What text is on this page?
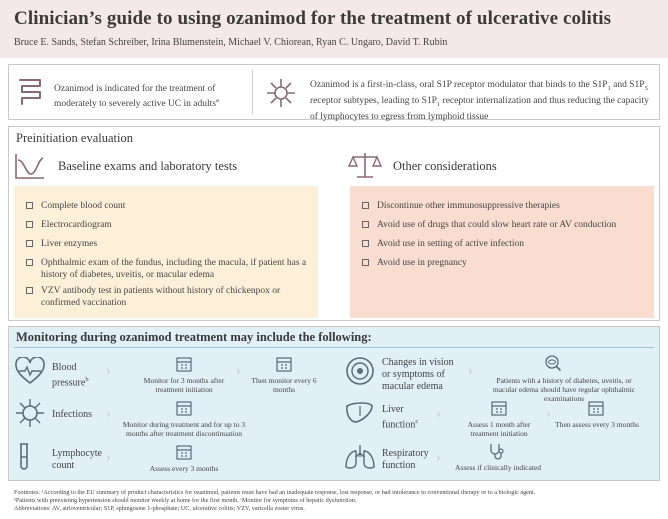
Clinician’s guide to using ozanimod for the treatment of ulcerative colitis
Bruce E. Sands, Stefan Schreiber, Irina Blumenstein, Michael V. Chiorean, Ryan C. Ungaro, David T. Rubin
Ozanimod is indicated for the treatment of moderately to severely active UC in adults$^a$
Ozanimod is a first-in-class, oral S1P receptor modulator that binds to the $S1P_1$ and $S1P_5$ receptor subtypes, leading to $S1P_1$ receptor internalization and thus reducing the capacity of lymphocytes to egress from lymphoid tissue
Preinitiation evaluation
Baseline exams and laboratory tests	Other considerations
Complete blood count
Electrocardiogram
Liver enzymes
Ophthalmic exam of the fundus, including the macula, if patient has a history of diabetes, uveitis, or macular edema
VZV antibody test in patients without history of chickenpox or confirmed vaccination
Discontinue other immunosuppressive therapies
Avoid use of drugs that could slow heart rate or AV conduction
Avoid use in setting of active infection
Avoid use in pregnancy
Monitoring during ozanimod treatment may include the following:
Blood
pressure$^b$
›
Monitor for 3 months after treatment initiation
›
Then monitor every 6 months
Infections ›
Monitor during treatment and for up to 3 months after treatment discontinuation
Lymphocyte
count
›
Assess every 3 months
Changes in vision
or symptoms of
macular edema
›
Patients with a history of diabetes, uveitis, or macular edema should have regular ophthalmic examinations
Liver
function$^c$
›
Assess 1 month after treatment initiation
›
Then assess every 3 months
Respiratory
function
›
Assess if clinically indicated
Footnotes: ᵃAccording to the EU summary of product characteristics for ozanimod, patients must have had an inadequate response, lost response, or had intolerance to conventional therapy or to a biologic agent.
ᵇPatients with preexisting hypertension should monitor weekly at home for the first month. ᶜMonitor for symptoms of hepatic dysfunction.
Abbreviations: AV, atrioventricular; S1P, sphingosine 1-phosphate; UC, ulcerative colitis; VZV, varicella zoster virus.
